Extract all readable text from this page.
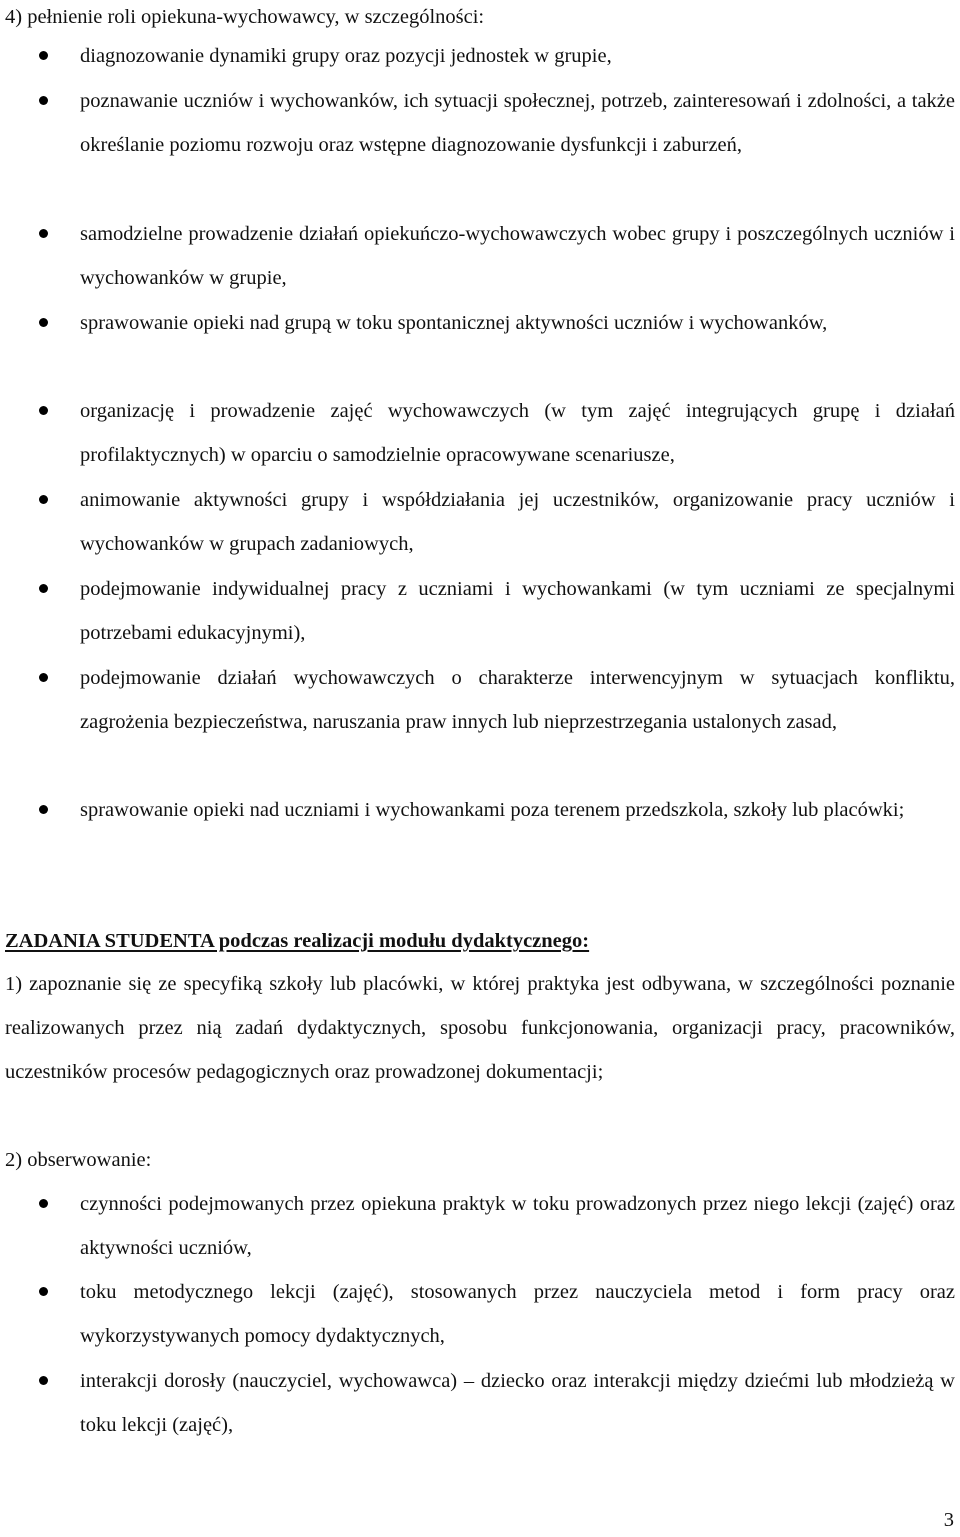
4) pełnienie roli opiekuna-wychowawcy, w szczególności:

diagnozowanie dynamiki grupy oraz pozycji jednostek w grupie,

poznawanie uczniów i wychowanków, ich sytuacji społecznej, potrzeb, zainteresowań i zdolności, a także określanie poziomu rozwoju oraz wstępne diagnozowanie dysfunkcji i zaburzeń,

samodzielne prowadzenie działań opiekuńczo-wychowawczych wobec grupy i poszczególnych uczniów i wychowanków w grupie,

sprawowanie opieki nad grupą w toku spontanicznej aktywności uczniów i wychowanków,

organizację i prowadzenie zajęć wychowawczych (w tym zajęć integrujących grupę i działań profilaktycznych) w oparciu o samodzielnie opracowywane scenariusze,

animowanie aktywności grupy i współdziałania jej uczestników, organizowanie pracy uczniów i wychowanków w grupach zadaniowych,

podejmowanie indywidualnej pracy z uczniami i wychowankami (w tym uczniami ze specjalnymi potrzebami edukacyjnymi),

podejmowanie działań wychowawczych o charakterze interwencyjnym w sytuacjach konfliktu, zagrożenia bezpieczeństwa, naruszania praw innych lub nieprzestrzegania ustalonych zasad,

sprawowanie opieki nad uczniami i wychowankami poza terenem przedszkola, szkoły lub placówki;

ZADANIA STUDENTA podczas realizacji modułu dydaktycznego:

1) zapoznanie się ze specyfiką szkoły lub placówki, w której praktyka jest odbywana, w szczególności poznanie realizowanych przez nią zadań dydaktycznych, sposobu funkcjonowania, organizacji pracy, pracowników, uczestników procesów pedagogicznych oraz prowadzonej dokumentacji;

2) obserwowanie:

czynności podejmowanych przez opiekuna praktyk w toku prowadzonych przez niego lekcji (zajęć) oraz aktywności uczniów,

toku metodycznego lekcji (zajęć), stosowanych przez nauczyciela metod i form pracy oraz wykorzystywanych pomocy dydaktycznych,

interakcji dorosły (nauczyciel, wychowawca) – dziecko oraz interakcji między dziećmi lub młodzieżą w toku lekcji (zajęć),

3
